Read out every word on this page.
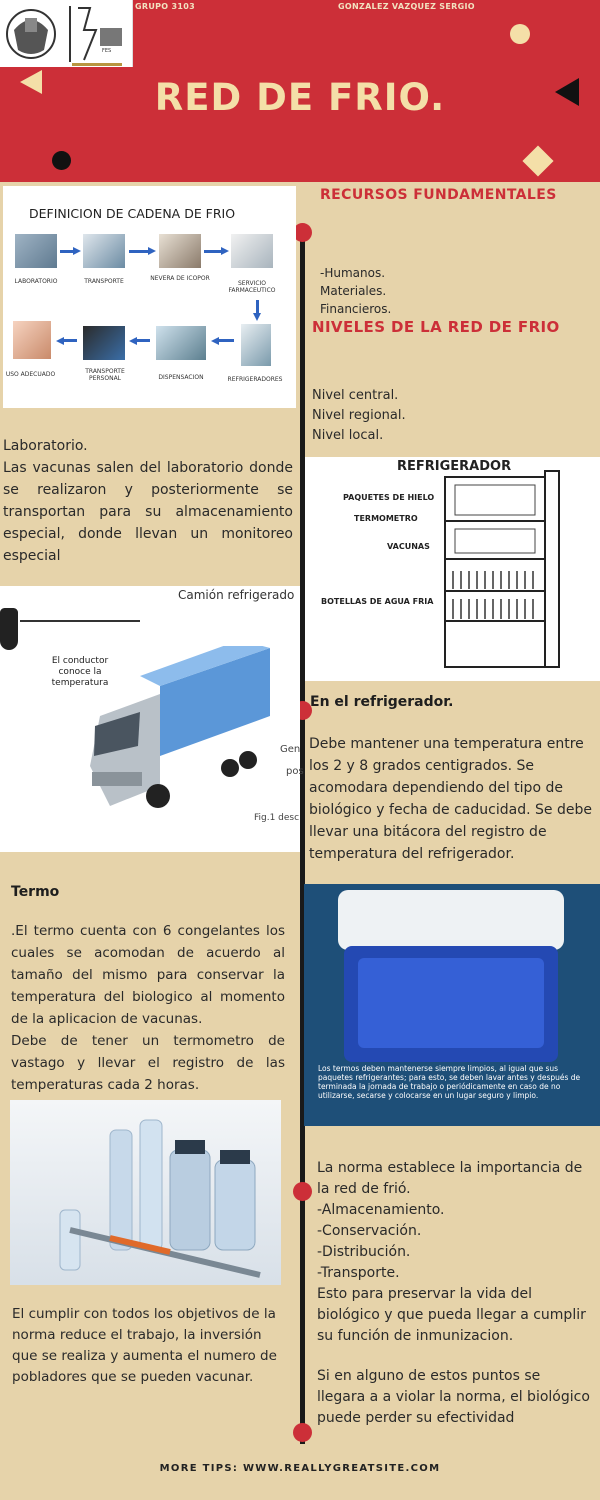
FES
GRUPO 3103	GONZALEZ VAZQUEZ SERGIO
RED DE FRIO.
DEFINICION DE CADENA DE FRIO
LABORATORIO	TRANSPORTE	NEVERA DE ICOPOR
SERVICIO FARMACEUTICO
USO ADECUADO	TRANSPORTE PERSONAL	DISPENSACION	REFRIGERADORES
RECURSOS FUNDAMENTALES
-Humanos.
Materiales.
Financieros.
NIVELES DE LA RED DE FRIO
Nivel central.
Nivel regional.
Nivel local.
Laboratorio.
Las vacunas salen del laboratorio donde se realizaron y posteriormente se transportan para su almacenamiento especial, donde llevan un monitoreo especial
REFRIGERADOR
PAQUETES DE HIELO
TERMOMETRO
VACUNAS
BOTELLAS DE AGUA FRIA
Camión refrigerado
El conductor conoce la temperatura
Gen
pos
Fig.1 desc
En el refrigerador.
Debe mantener una temperatura entre los 2 y 8 grados centigrados. Se acomodara dependiendo del tipo de biológico y fecha de caducidad. Se debe llevar una bitácora del registro de temperatura del refrigerador.
Termo
.El termo cuenta con 6 congelantes los cuales se acomodan de acuerdo al tamaño del mismo para conservar la temperatura del biologico al momento de la aplicacion de vacunas.
Debe de tener un termometro de vastago y llevar el registro de las temperaturas cada 2 horas.
Los termos deben mantenerse siempre limpios, al igual que sus paquetes refrigerantes; para esto, se deben lavar antes y después de terminada la jornada de trabajo o periódicamente en caso de no utilizarse, secarse y colocarse en un lugar seguro y limpio.
La norma establece la importancia de la red de frió.
-Almacenamiento.
-Conservación.
-Distribución.
-Transporte.
Esto para preservar la vida del biológico y que pueda llegar a cumplir su función de inmunizacion.
Si en alguno de estos puntos se llegara a a violar la norma, el biológico puede perder su efectividad
El cumplir con todos los objetivos de la norma reduce el trabajo, la inversión que se realiza y aumenta el numero de pobladores que se pueden vacunar.
MORE TIPS: WWW.REALLYGREATSITE.COM
